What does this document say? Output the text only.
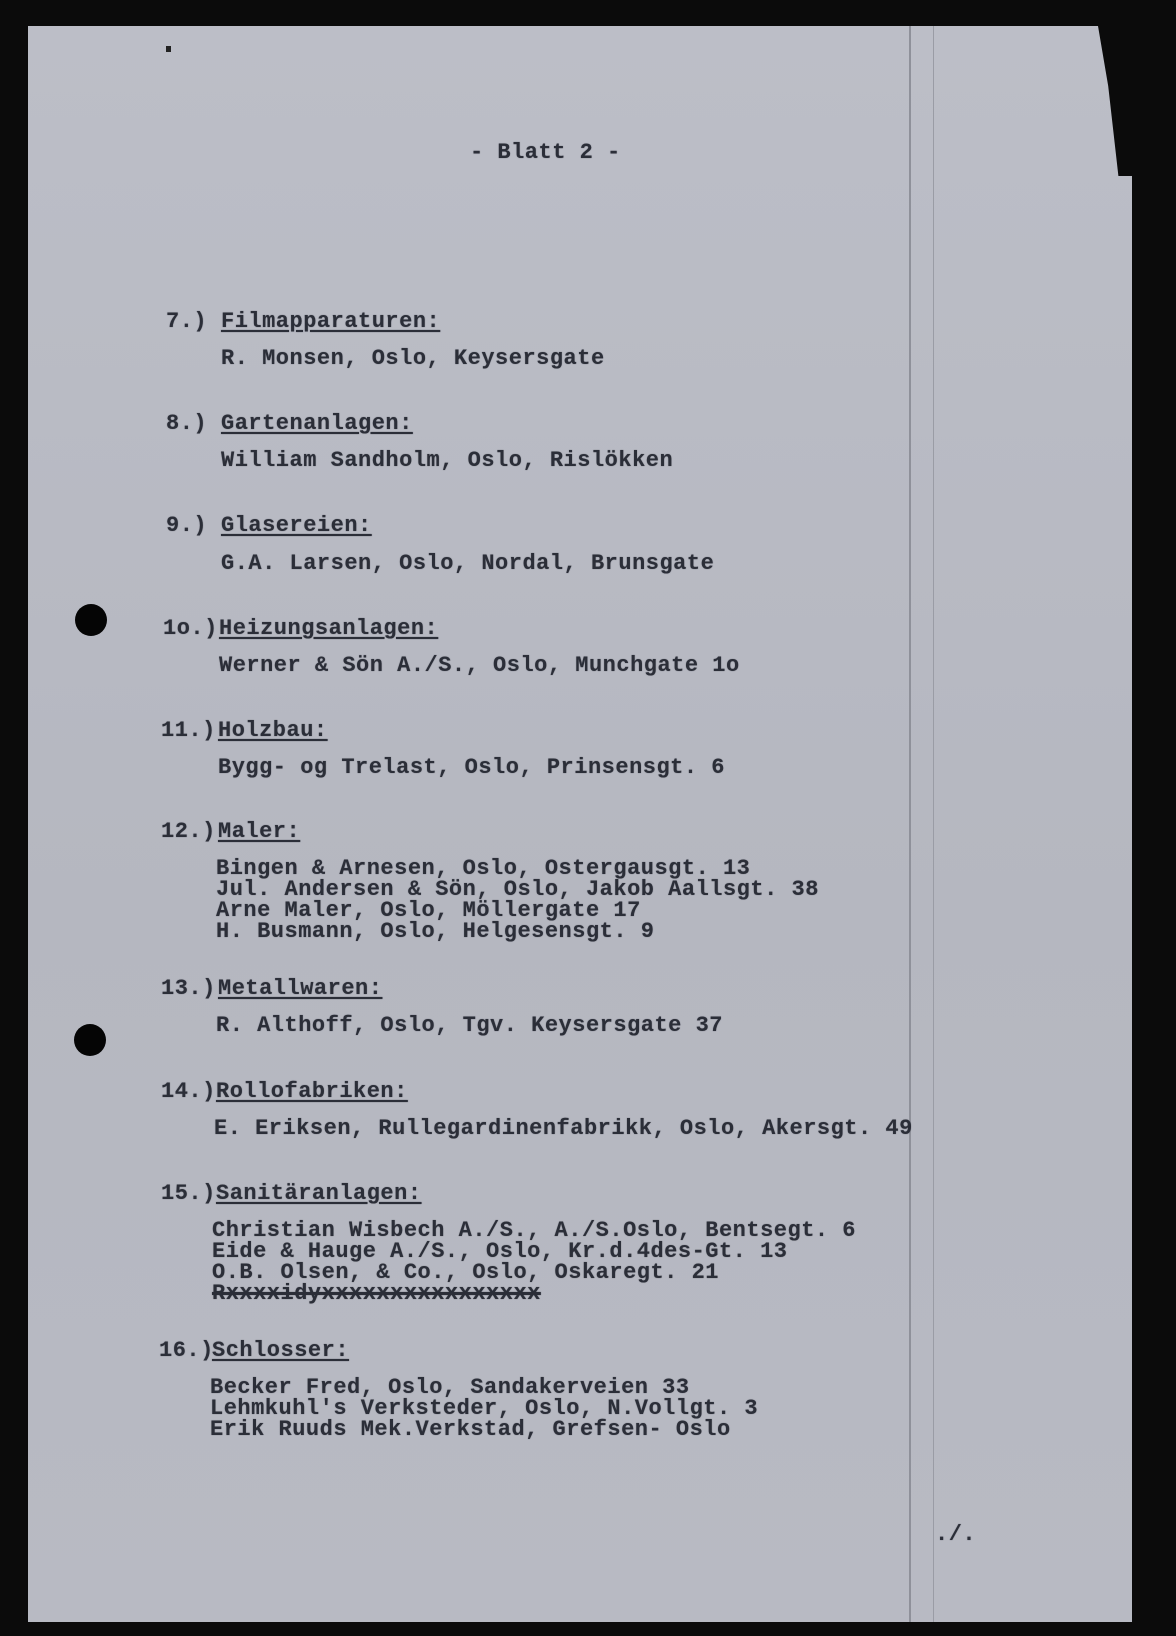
- Blatt 2 -
7.) Filmapparaturen:
R. Monsen, Oslo, Keysersgate
8.) Gartenanlagen:
William Sandholm, Oslo, Rislökken
9.) Glasereien:
G.A. Larsen, Oslo, Nordal, Brunsgate
1o.) Heizungsanlagen:
Werner & Sön A./S., Oslo, Munchgate 1o
11.) Holzbau:
Bygg- og Trelast, Oslo, Prinsensgt. 6
12.) Maler:
Bingen & Arnesen, Oslo, Ostergausgt. 13
Jul. Andersen & Sön, Oslo, Jakob Aallsgt. 38
Arne Maler, Oslo, Möllergate 17
H. Busmann, Oslo, Helgesensgt. 9
13.) Metallwaren:
R. Althoff, Oslo, Tgv. Keysersgate 37
14.) Rollofabriken:
E. Eriksen, Rullegardinenfabrikk, Oslo, Akersgt. 49
15.) Sanitäranlagen:
Christian Wisbech A./S., A./S.Oslo, Bentsegt. 6
Eide & Hauge A./S., Oslo, Kr.d.4des-Gt. 13
O.B. Olsen, & Co., Oslo, Oskaregt. 21
Rxxxxidyxxxxxxxxxxxxxxxx
16.)
Schlosser:
Becker Fred, Oslo, Sandakerveien 33
Lehmkuhl's Verksteder, Oslo, N.Vollgt. 3
Erik Ruuds Mek.Verkstad, Grefsen- Oslo
./.
